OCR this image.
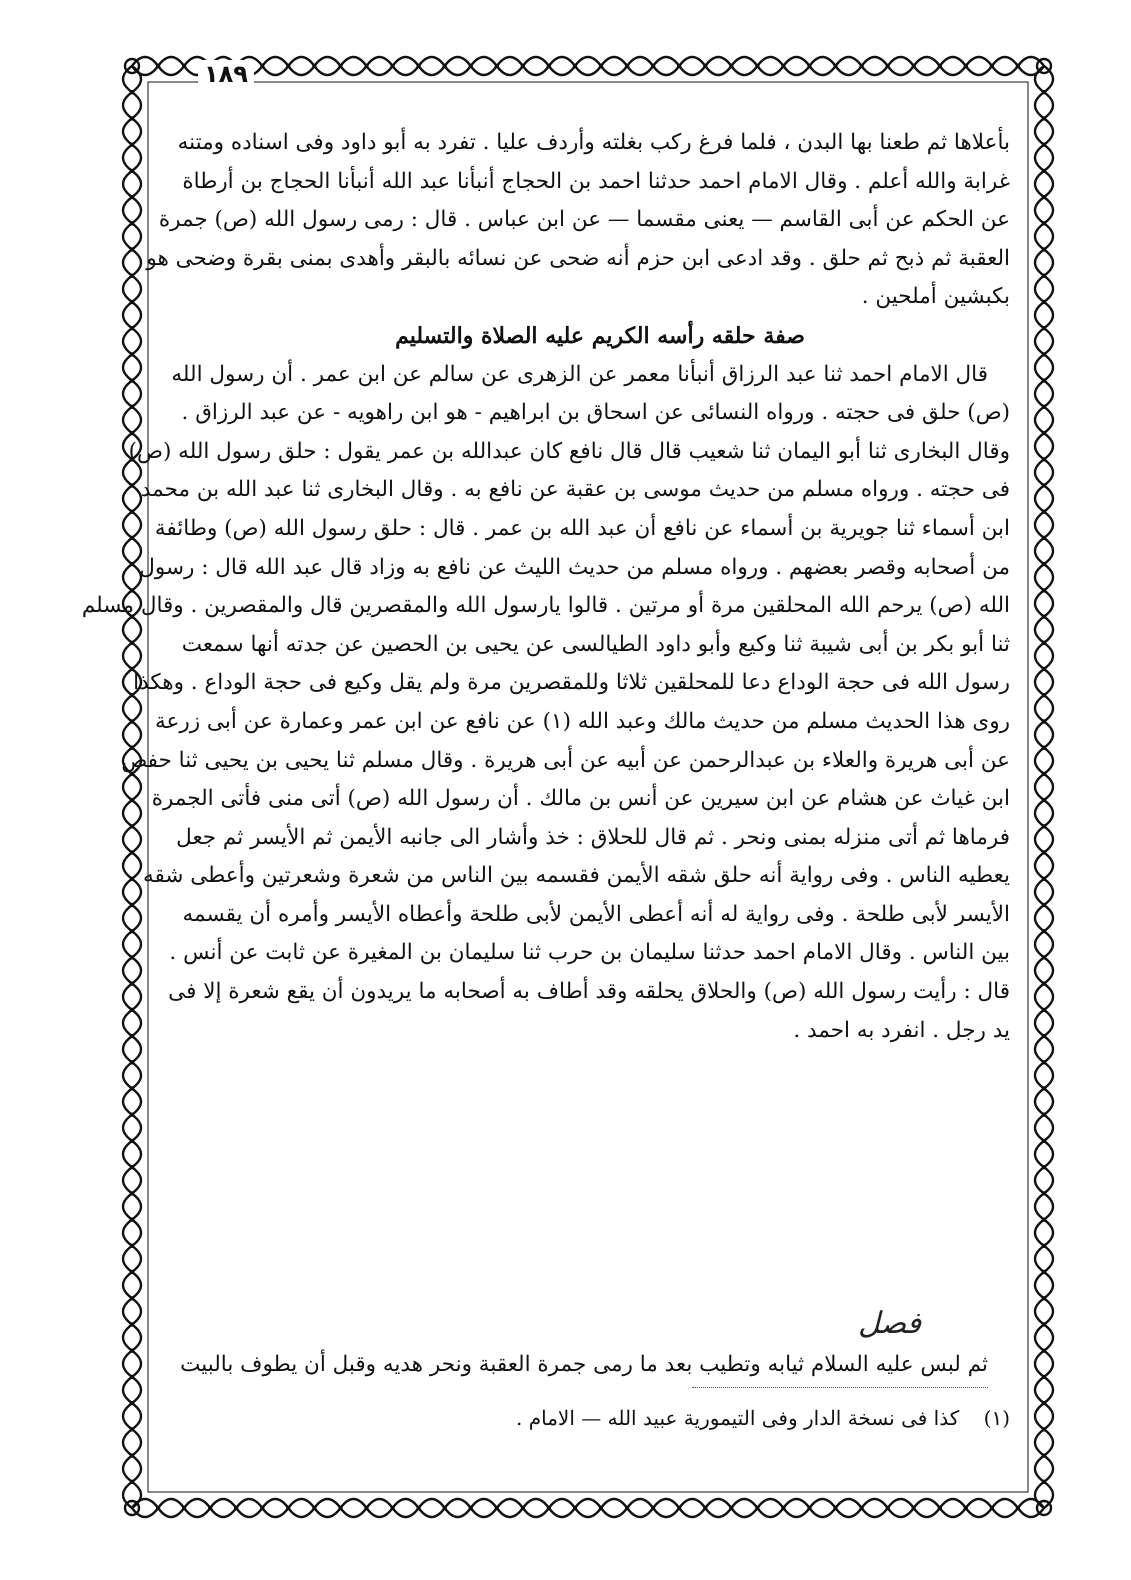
١٨٩
بأعلاها ثم طعنا بها البدن ، فلما فرغ ركب بغلته وأردف عليا . تفرد به أبو داود وفى اسناده ومتنه
غرابة والله أعلم . وقال الامام احمد حدثنا احمد بن الحجاج أنبأنا عبد الله أنبأنا الحجاج بن أرطاة
عن الحكم عن أبى القاسم — يعنى مقسما — عن ابن عباس . قال : رمى رسول الله (ص) جمرة
العقبة ثم ذبح ثم حلق . وقد ادعى ابن حزم أنه ضحى عن نسائه بالبقر وأهدى بمنى بقرة وضحى هو
بكبشين أملحين .
صفة حلقه رأسه الكريم عليه الصلاة والتسليم
قال الامام احمد ثنا عبد الرزاق أنبأنا معمر عن الزهرى عن سالم عن ابن عمر . أن رسول الله
(ص) حلق فى حجته . ورواه النسائى عن اسحاق بن ابراهيم - هو ابن راهويه - عن عبد الرزاق .
وقال البخارى ثنا أبو اليمان ثنا شعيب قال قال نافع كان عبدالله بن عمر يقول : حلق رسول الله (ص)
فى حجته . ورواه مسلم من حديث موسى بن عقبة عن نافع به . وقال البخارى ثنا عبد الله بن محمد
ابن أسماء ثنا جويرية بن أسماء عن نافع أن عبد الله بن عمر . قال : حلق رسول الله (ص) وطائفة
من أصحابه وقصر بعضهم . ورواه مسلم من حديث الليث عن نافع به وزاد قال عبد الله قال : رسول
الله (ص) يرحم الله المحلقين مرة أو مرتين . قالوا يارسول الله والمقصرين قال والمقصرين . وقال مسلم
ثنا أبو بكر بن أبى شيبة ثنا وكيع وأبو داود الطيالسى عن يحيى بن الحصين عن جدته أنها سمعت
رسول الله فى حجة الوداع دعا للمحلقين ثلاثا وللمقصرين مرة ولم يقل وكيع فى حجة الوداع . وهكذا
روى هذا الحديث مسلم من حديث مالك وعبد الله (١) عن نافع عن ابن عمر وعمارة عن أبى زرعة
عن أبى هريرة والعلاء بن عبدالرحمن عن أبيه عن أبى هريرة . وقال مسلم ثنا يحيى بن يحيى ثنا حفص
ابن غياث عن هشام عن ابن سيرين عن أنس بن مالك . أن رسول الله (ص) أتى منى فأتى الجمرة
فرماها ثم أتى منزله بمنى ونحر . ثم قال للحلاق : خذ وأشار الى جانبه الأيمن ثم الأيسر ثم جعل
يعطيه الناس . وفى رواية أنه حلق شقه الأيمن فقسمه بين الناس من شعرة وشعرتين وأعطى شقه
الأيسر لأبى طلحة . وفى رواية له أنه أعطى الأيمن لأبى طلحة وأعطاه الأيسر وأمره أن يقسمه
بين الناس . وقال الامام احمد حدثنا سليمان بن حرب ثنا سليمان بن المغيرة عن ثابت عن أنس .
قال : رأيت رسول الله (ص) والحلاق يحلقه وقد أطاف به أصحابه ما يريدون أن يقع شعرة إلا فى
يد رجل . انفرد به احمد .
فصل
ثم لبس عليه السلام ثيابه وتطيب بعد ما رمى جمرة العقبة ونحر هديه وقبل أن يطوف بالبيت
(١) كذا فى نسخة الدار وفى التيمورية عبيد الله — الامام .
